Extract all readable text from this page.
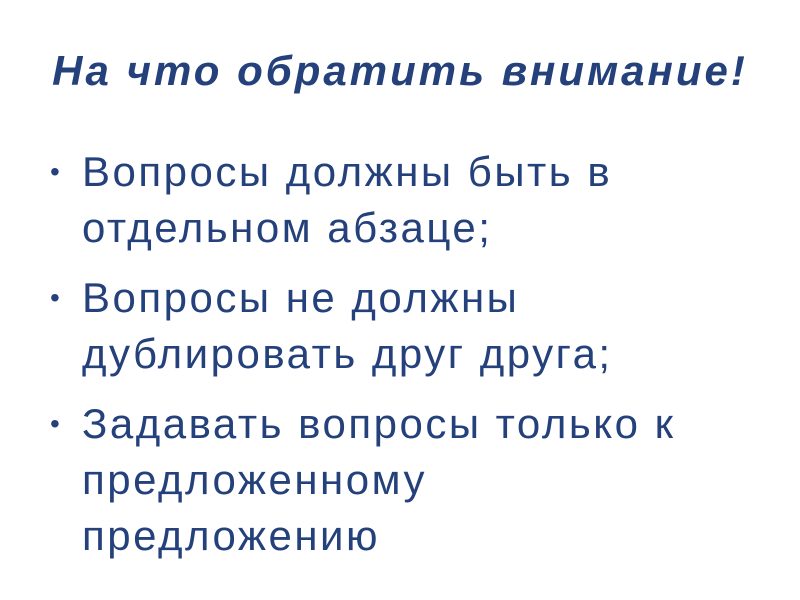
На что обратить внимание!
• Вопросы должны быть в
отдельном абзаце;
• Вопросы не должны
дублировать друг друга;
• Задавать вопросы только к
предложенному
предложению
